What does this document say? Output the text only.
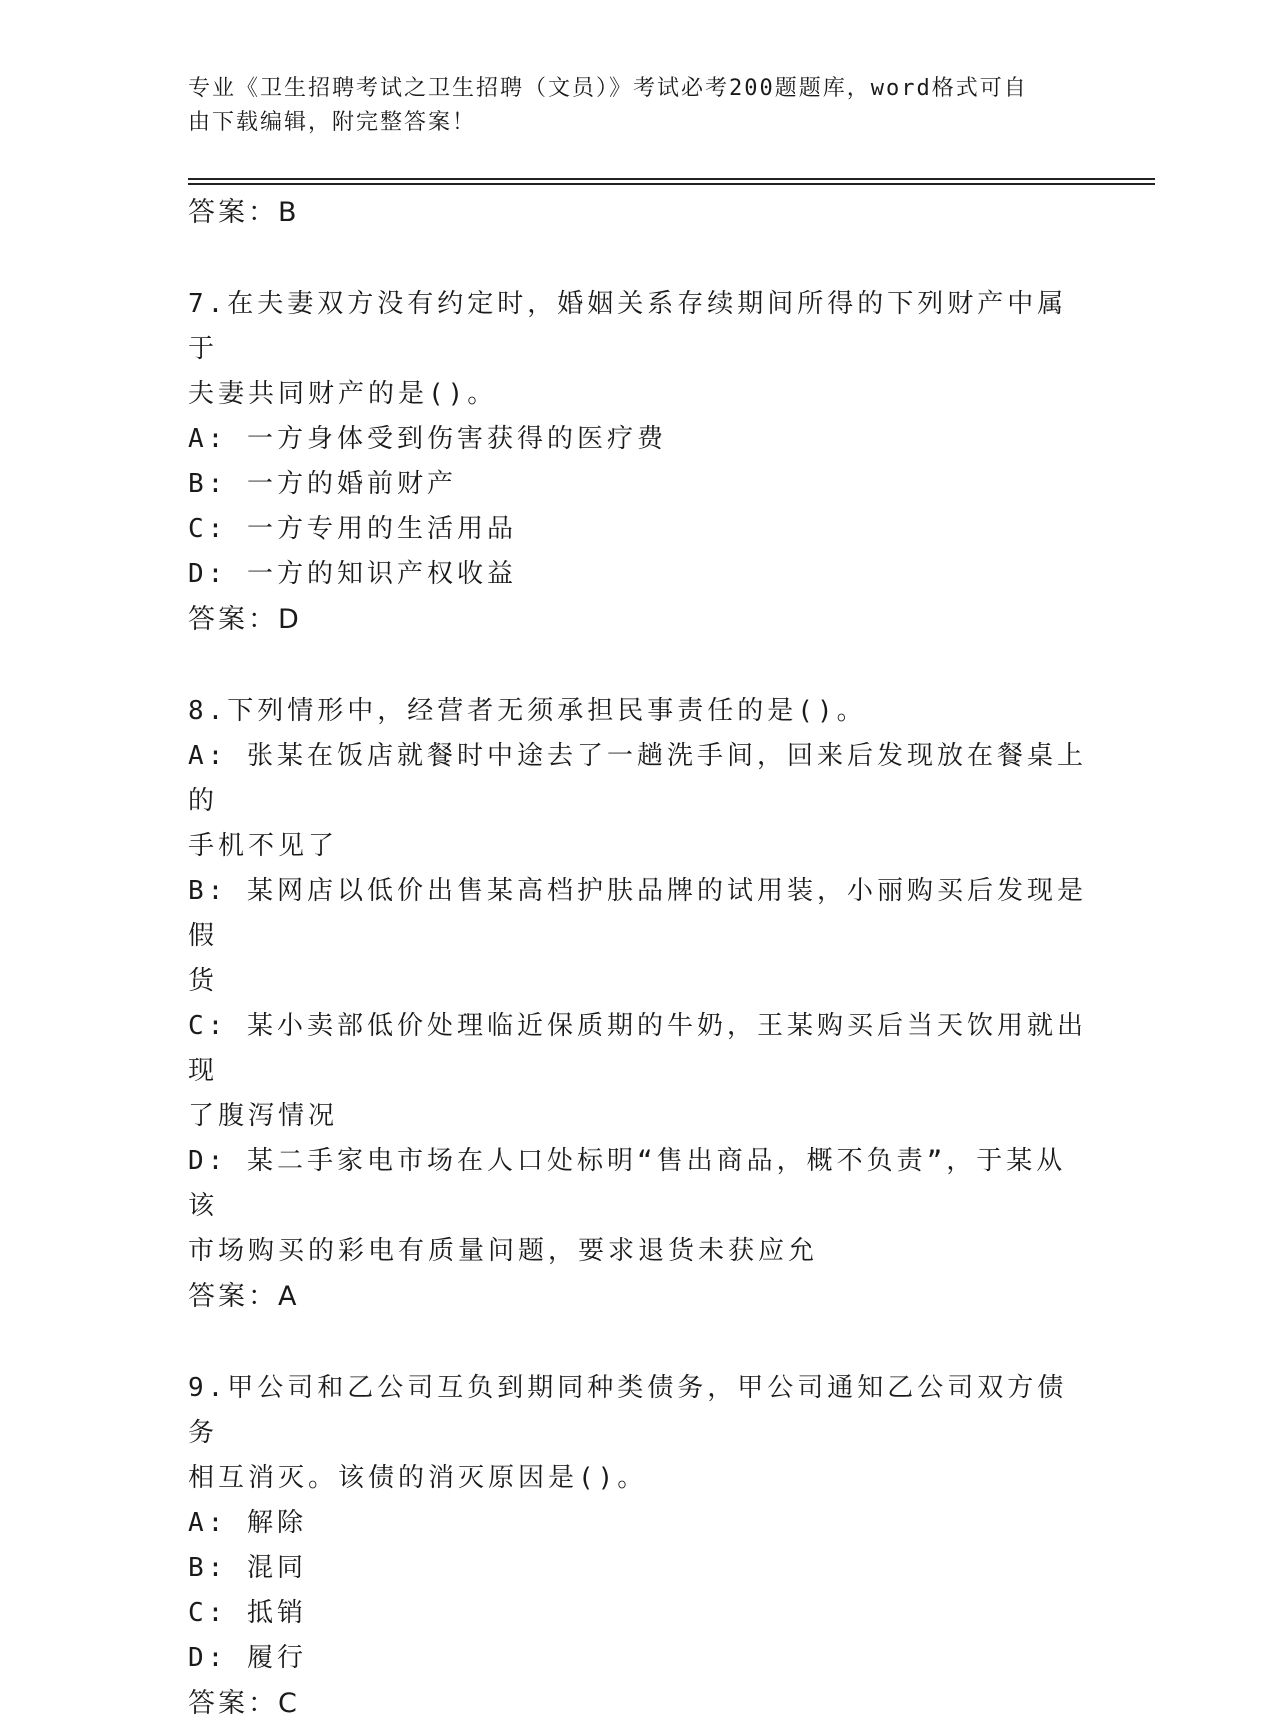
专业《卫生招聘考试之卫生招聘（文员）》考试必考200题题库，word格式可自
由下载编辑，附完整答案！

答案：B

7.在夫妻双方没有约定时，婚姻关系存续期间所得的下列财产中属于
夫妻共同财产的是()。

A: 一方身体受到伤害获得的医疗费

B: 一方的婚前财产

C: 一方专用的生活用品

D: 一方的知识产权收益

答案：D

8.下列情形中，经营者无须承担民事责任的是()。

A: 张某在饭店就餐时中途去了一趟洗手间，回来后发现放在餐桌上的
手机不见了

B: 某网店以低价出售某高档护肤品牌的试用装，小丽购买后发现是假
货

C: 某小卖部低价处理临近保质期的牛奶，王某购买后当天饮用就出现
了腹泻情况

D: 某二手家电市场在人口处标明“售出商品，概不负责”，于某从该
市场购买的彩电有质量问题，要求退货未获应允

答案：A

9.甲公司和乙公司互负到期同种类债务，甲公司通知乙公司双方债务
相互消灭。该债的消灭原因是()。

A: 解除

B: 混同

C: 抵销

D: 履行

答案：C
